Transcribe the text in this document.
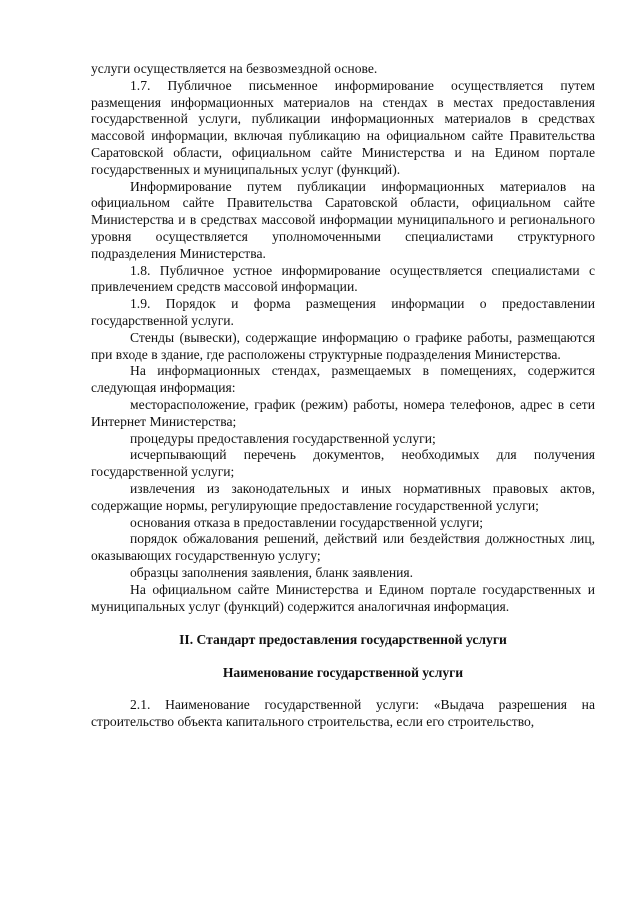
услуги осуществляется на безвозмездной основе.

1.7. Публичное письменное информирование осуществляется путем размещения информационных материалов на стендах в местах предоставления государственной услуги, публикации информационных материалов в средствах массовой информации, включая публикацию на официальном сайте Правительства Саратовской области, официальном сайте Министерства и на Едином портале государственных и муниципальных услуг (функций).

Информирование путем публикации информационных материалов на официальном сайте Правительства Саратовской области, официальном сайте Министерства и в средствах массовой информации муниципального и регионального уровня осуществляется уполномоченными специалистами структурного подразделения Министерства.

1.8. Публичное устное информирование осуществляется специалистами с привлечением средств массовой информации.

1.9. Порядок и форма размещения информации о предоставлении государственной услуги.

Стенды (вывески), содержащие информацию о графике работы, размещаются при входе в здание, где расположены структурные подразделения Министерства.

На информационных стендах, размещаемых в помещениях, содержится следующая информация:

месторасположение, график (режим) работы, номера телефонов, адрес в сети Интернет Министерства;

процедуры предоставления государственной услуги;

исчерпывающий перечень документов, необходимых для получения государственной услуги;

извлечения из законодательных и иных нормативных правовых актов, содержащие нормы, регулирующие предоставление государственной услуги;

основания отказа в предоставлении государственной услуги;

порядок обжалования решений, действий или бездействия должностных лиц, оказывающих государственную услугу;

образцы заполнения заявления, бланк заявления.

На официальном сайте Министерства и Едином портале государственных и муниципальных услуг (функций) содержится аналогичная информация.

II. Стандарт предоставления государственной услуги

Наименование государственной услуги

2.1. Наименование государственной услуги: «Выдача разрешения на строительство объекта капитального строительства, если его строительство,
